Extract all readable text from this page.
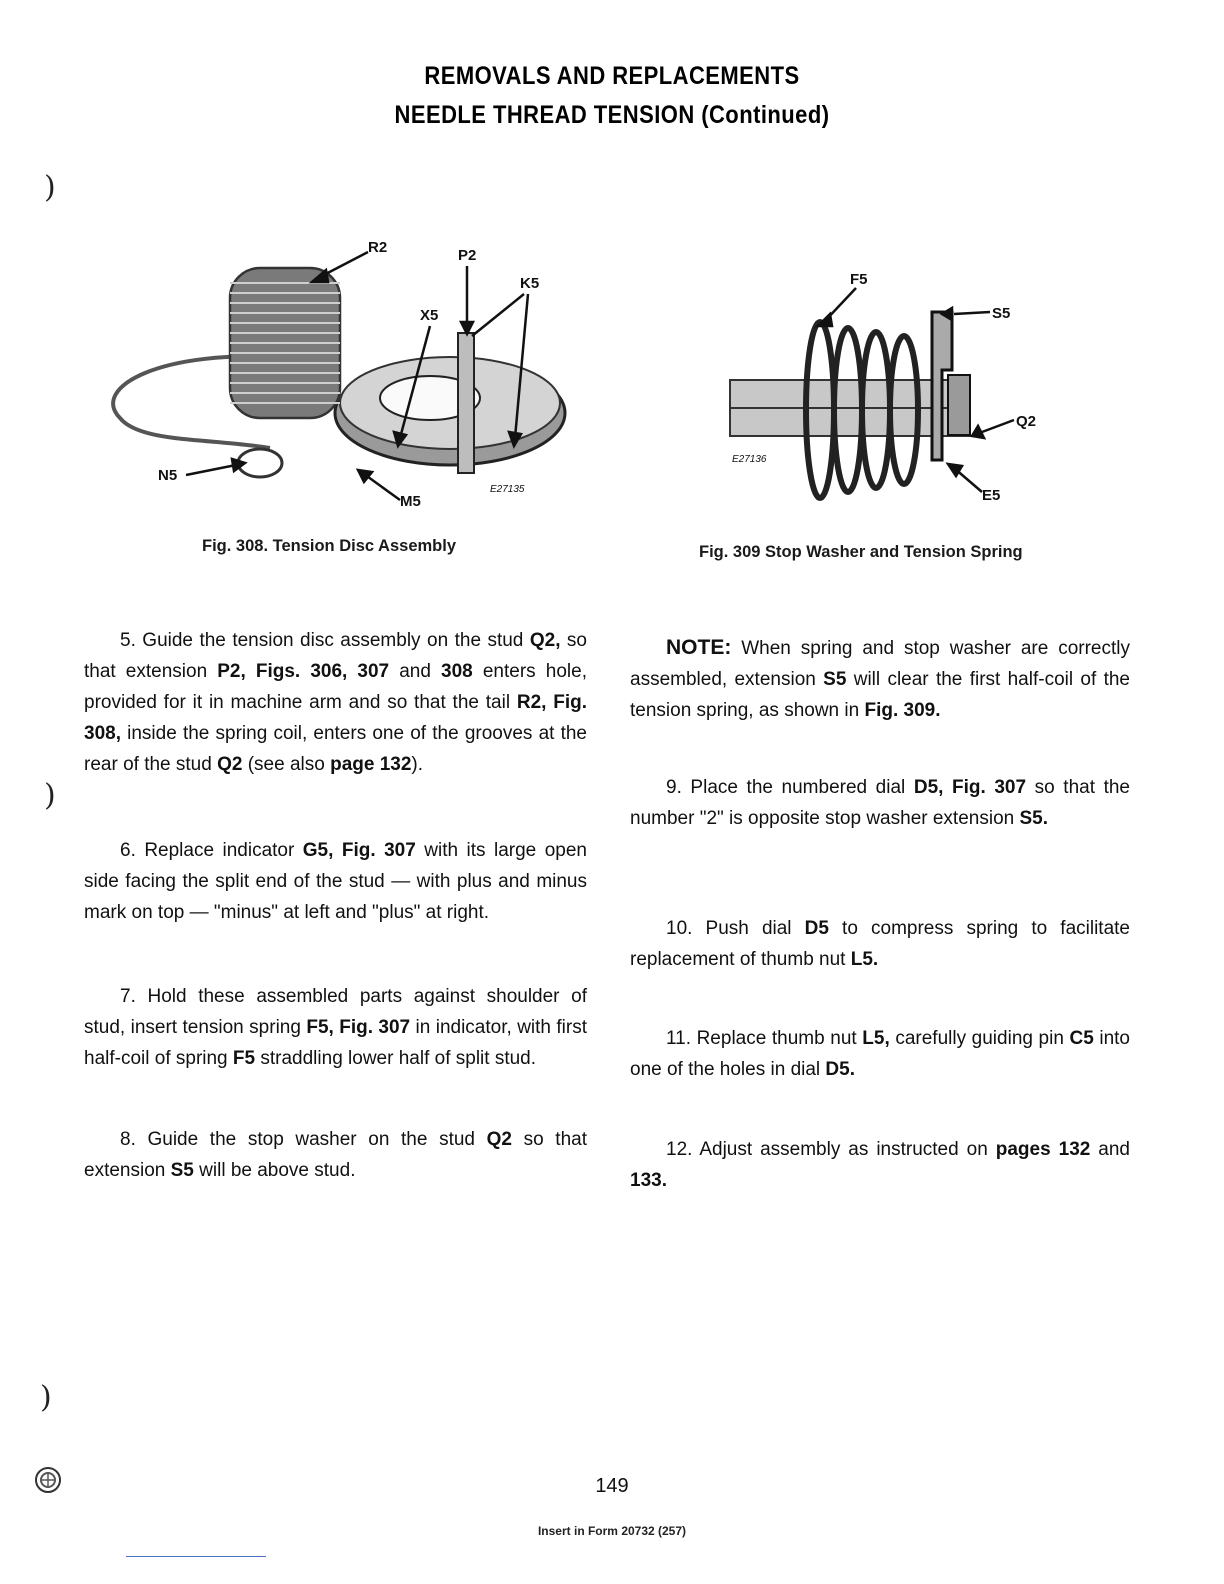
REMOVALS AND REPLACEMENTS
NEEDLE THREAD TENSION (Continued)
)
)
)
R2	P2
K5
X5
N5
M5
E27135
Fig. 308. Tension Disc Assembly
F5
S5
Q2
E5
E27136
Fig. 309 Stop Washer and Tension Spring

5. Guide the tension disc assembly on the stud Q2, so that extension P2, Figs. 306, 307 and 308 enters hole, provided for it in machine arm and so that the tail R2, Fig. 308, inside the spring coil, enters one of the grooves at the rear of the stud Q2 (see also page 132).

6. Replace indicator G5, Fig. 307 with its large open side facing the split end of the stud — with plus and minus mark on top — "minus" at left and "plus" at right.

7. Hold these assembled parts against shoulder of stud, insert tension spring F5, Fig. 307 in indicator, with first half-coil of spring F5 straddling lower half of split stud.

8. Guide the stop washer on the stud Q2 so that extension S5 will be above stud.

NOTE: When spring and stop washer are correctly assembled, extension S5 will clear the first half-coil of the tension spring, as shown in Fig. 309.

9. Place the numbered dial D5, Fig. 307 so that the number "2" is opposite stop washer extension S5.

10. Push dial D5 to compress spring to facilitate replacement of thumb nut L5.

11. Replace thumb nut L5, carefully guiding pin C5 into one of the holes in dial D5.

12. Adjust assembly as instructed on pages 132 and 133.

149
Insert in Form 20732 (257)
